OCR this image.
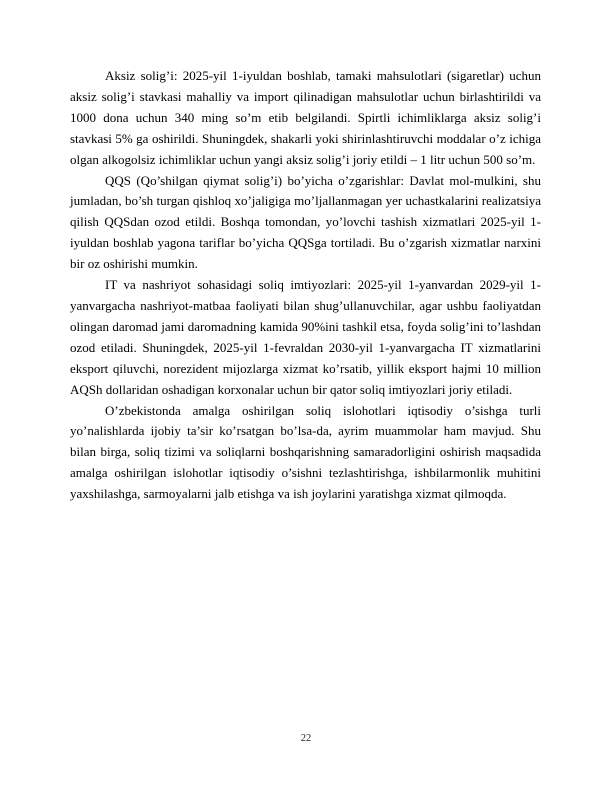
Aksiz solig’i: 2025-yil 1-iyuldan boshlab, tamaki mahsulotlari (sigaretlar) uchun aksiz solig’i stavkasi mahalliy va import qilinadigan mahsulotlar uchun birlashtirildi va 1000 dona uchun 340 ming so’m etib belgilandi. Spirtli ichimliklarga aksiz solig’i stavkasi 5% ga oshirildi. Shuningdek, shakarli yoki shirinlashtiruvchi moddalar o’z ichiga olgan alkogolsiz ichimliklar uchun yangi aksiz solig’i joriy etildi – 1 litr uchun 500 so’m.

QQS (Qo’shilgan qiymat solig’i) bo’yicha o’zgarishlar: Davlat mol-mulkini, shu jumladan, bo’sh turgan qishloq xo’jaligiga mo’ljallanmagan yer uchastkalarini realizatsiya qilish QQSdan ozod etildi. Boshqa tomondan, yo’lovchi tashish xizmatlari 2025-yil 1-iyuldan boshlab yagona tariflar bo’yicha QQSga tortiladi. Bu o’zgarish xizmatlar narxini bir oz oshirishi mumkin.

IT va nashriyot sohasidagi soliq imtiyozlari: 2025-yil 1-yanvardan 2029-yil 1-yanvargacha nashriyot-matbaa faoliyati bilan shug’ullanuvchilar, agar ushbu faoliyatdan olingan daromad jami daromadning kamida 90%ini tashkil etsa, foyda solig’ini to’lashdan ozod etiladi. Shuningdek, 2025-yil 1-fevraldan 2030-yil 1-yanvargacha IT xizmatlarini eksport qiluvchi, norezident mijozlarga xizmat ko’rsatib, yillik eksport hajmi 10 million AQSh dollaridan oshadigan korxonalar uchun bir qator soliq imtiyozlari joriy etiladi.

O’zbekistonda amalga oshirilgan soliq islohotlari iqtisodiy o’sishga turli yo’nalishlarda ijobiy ta’sir ko’rsatgan bo’lsa-da, ayrim muammolar ham mavjud. Shu bilan birga, soliq tizimi va soliqlarni boshqarishning samaradorligini oshirish maqsadida amalga oshirilgan islohotlar iqtisodiy o’sishni tezlashtirishga, ishbilarmonlik muhitini yaxshilashga, sarmoyalarni jalb etishga va ish joylarini yaratishga xizmat qilmoqda.

22
